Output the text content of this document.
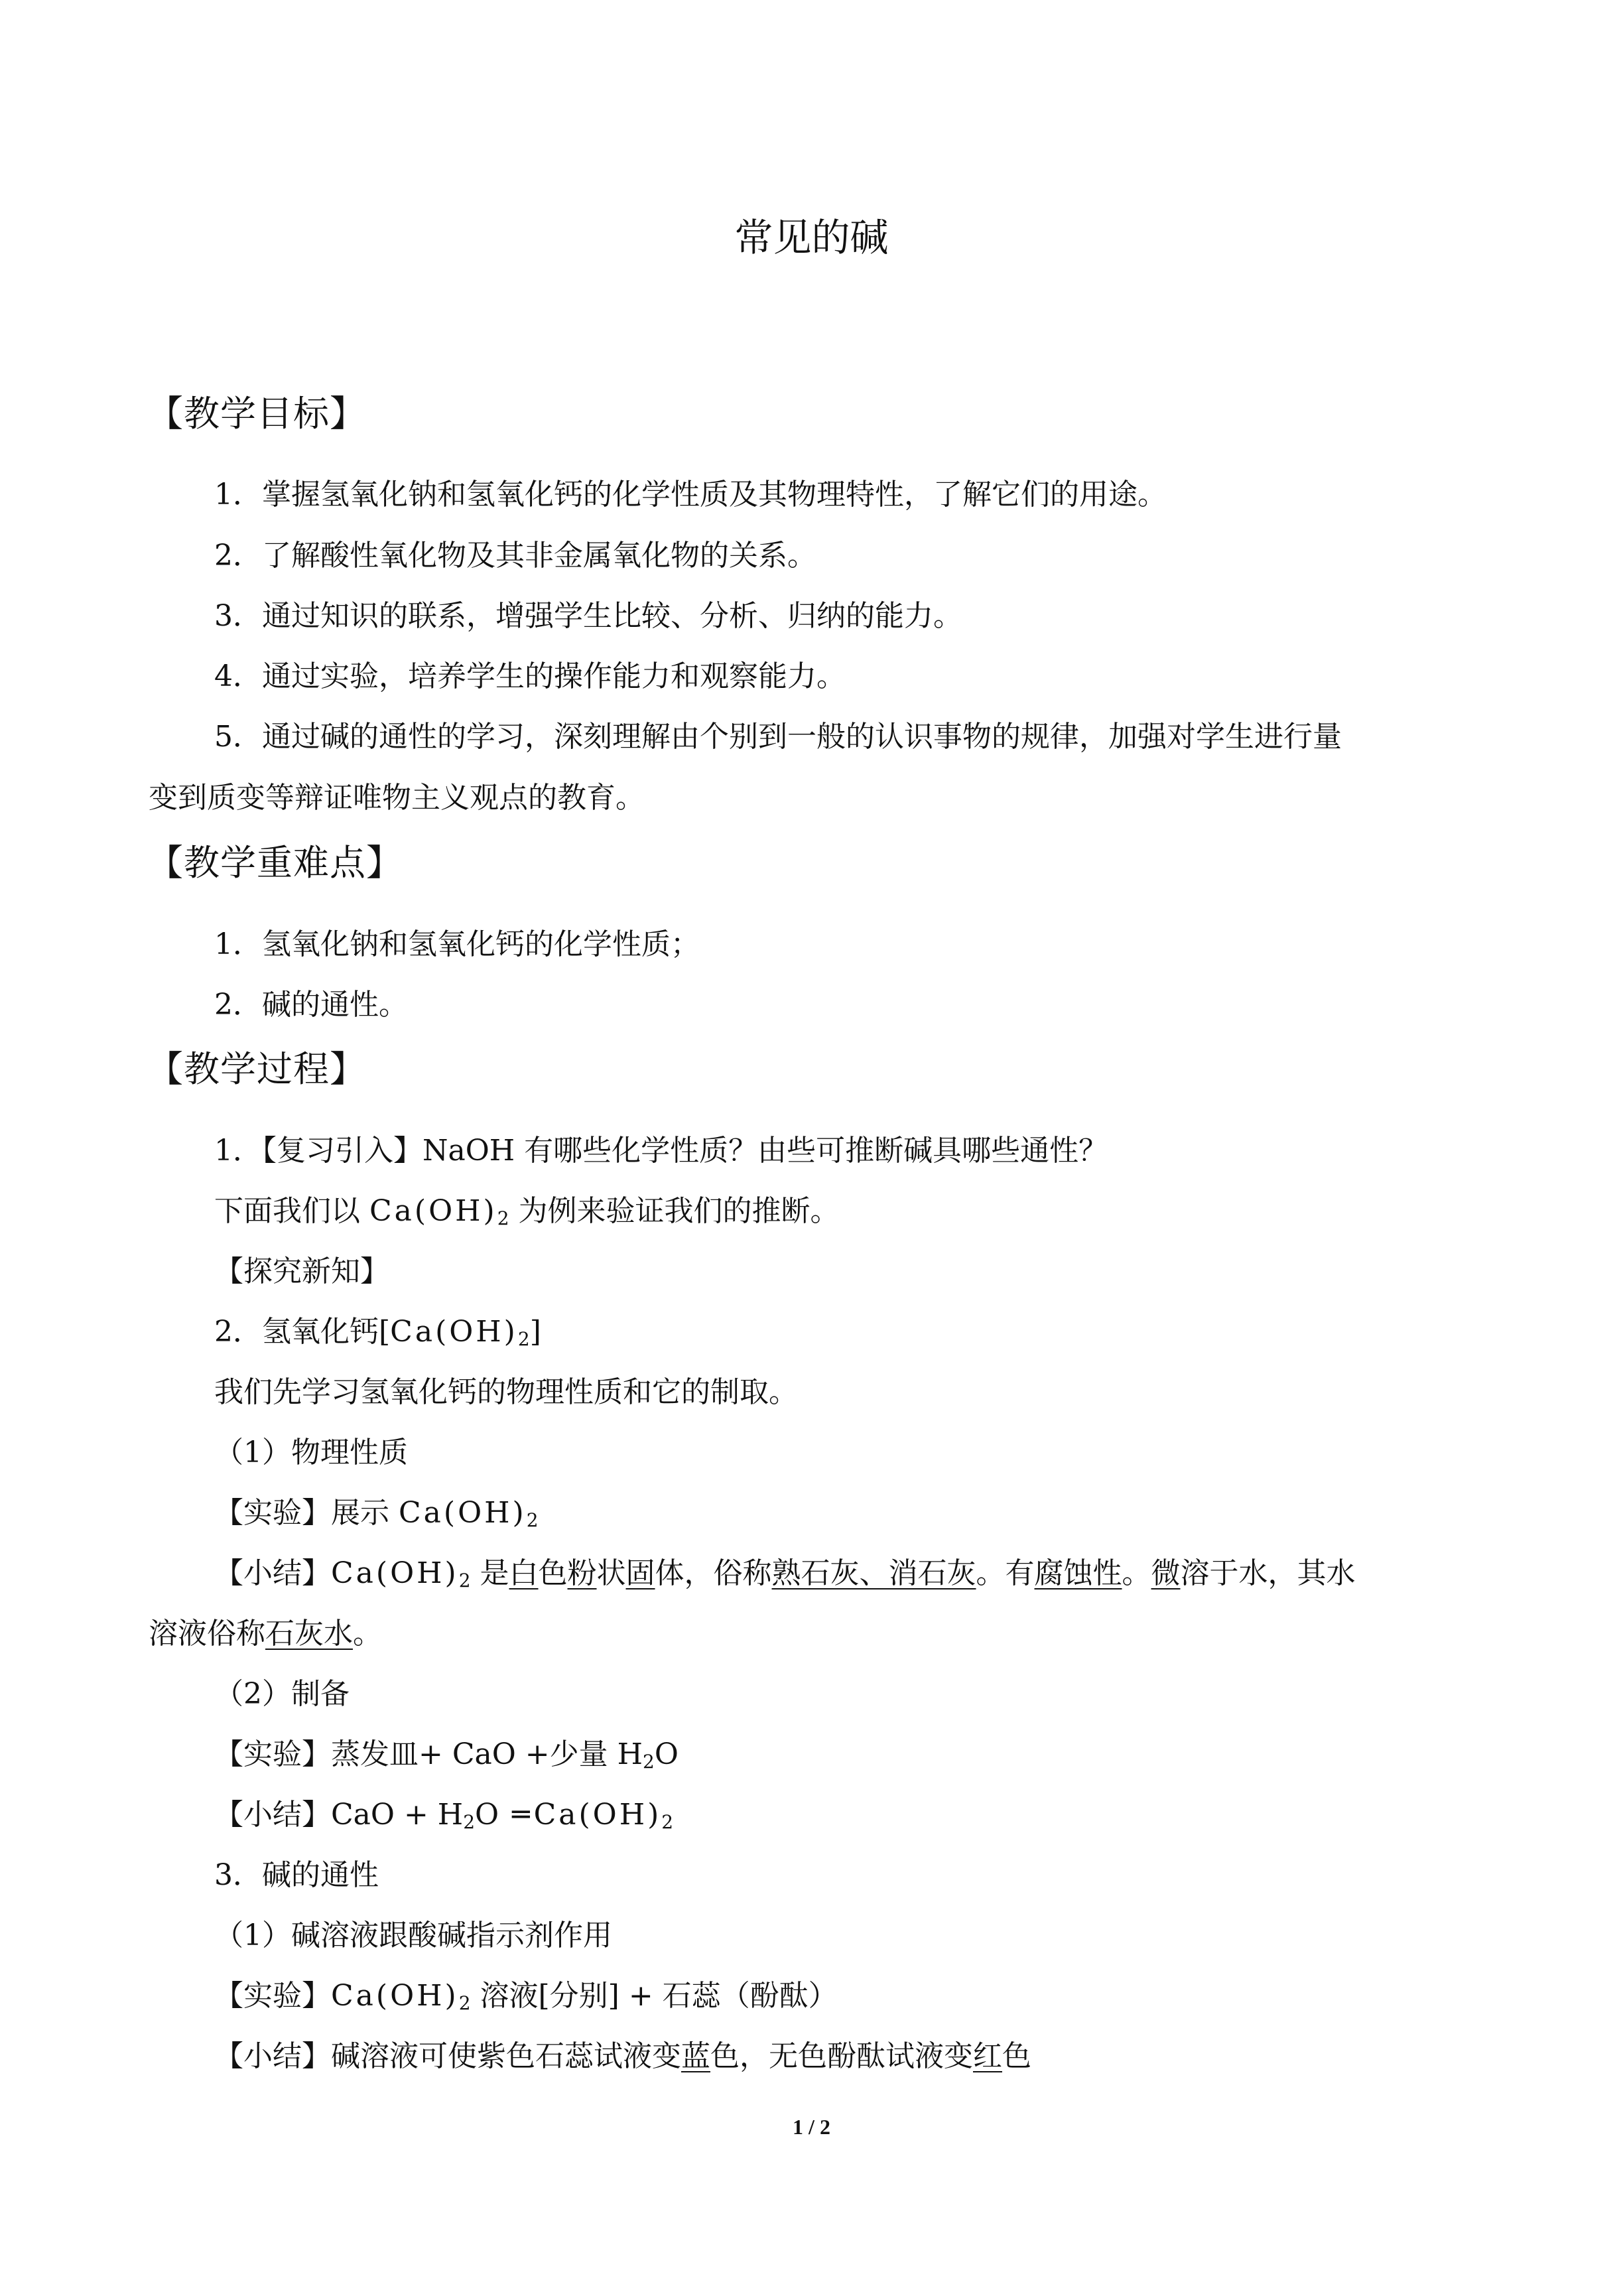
常见的碱
【教学目标】

1．掌握氢氧化钠和氢氧化钙的化学性质及其物理特性，了解它们的用途。

2．了解酸性氧化物及其非金属氧化物的关系。

3．通过知识的联系，增强学生比较、分析、归纳的能力。

4．通过实验，培养学生的操作能力和观察能力。

5．通过碱的通性的学习，深刻理解由个别到一般的认识事物的规律，加强对学生进行量

变到质变等辩证唯物主义观点的教育。

【教学重难点】

1．氢氧化钠和氢氧化钙的化学性质；

2．碱的通性。

【教学过程】

1．【复习引入】NaOH 有哪些化学性质？由些可推断碱具哪些通性？

下面我们以 $Ca(OH)_2$ 为例来验证我们的推断。

【探究新知】

2．氢氧化钙$[Ca(OH)_2]$

我们先学习氢氧化钙的物理性质和它的制取。

（1）物理性质

【实验】展示 $Ca(OH)_2$

【小结】$Ca(OH)_2$ 是白色粉状固体，俗称熟石灰、消石灰。有腐蚀性。微溶于水，其水

溶液俗称石灰水。

（2）制备

【实验】蒸发皿+ CaO +少量 $H_2O$

【小结】CaO + $H_2O$ ═ $Ca(OH)_2$

3．碱的通性

（1）碱溶液跟酸碱指示剂作用

【实验】$Ca(OH)_2$ 溶液[分别] + 石蕊（酚酞）

【小结】碱溶液可使紫色石蕊试液变蓝色，无色酚酞试液变红色

1 / 2
